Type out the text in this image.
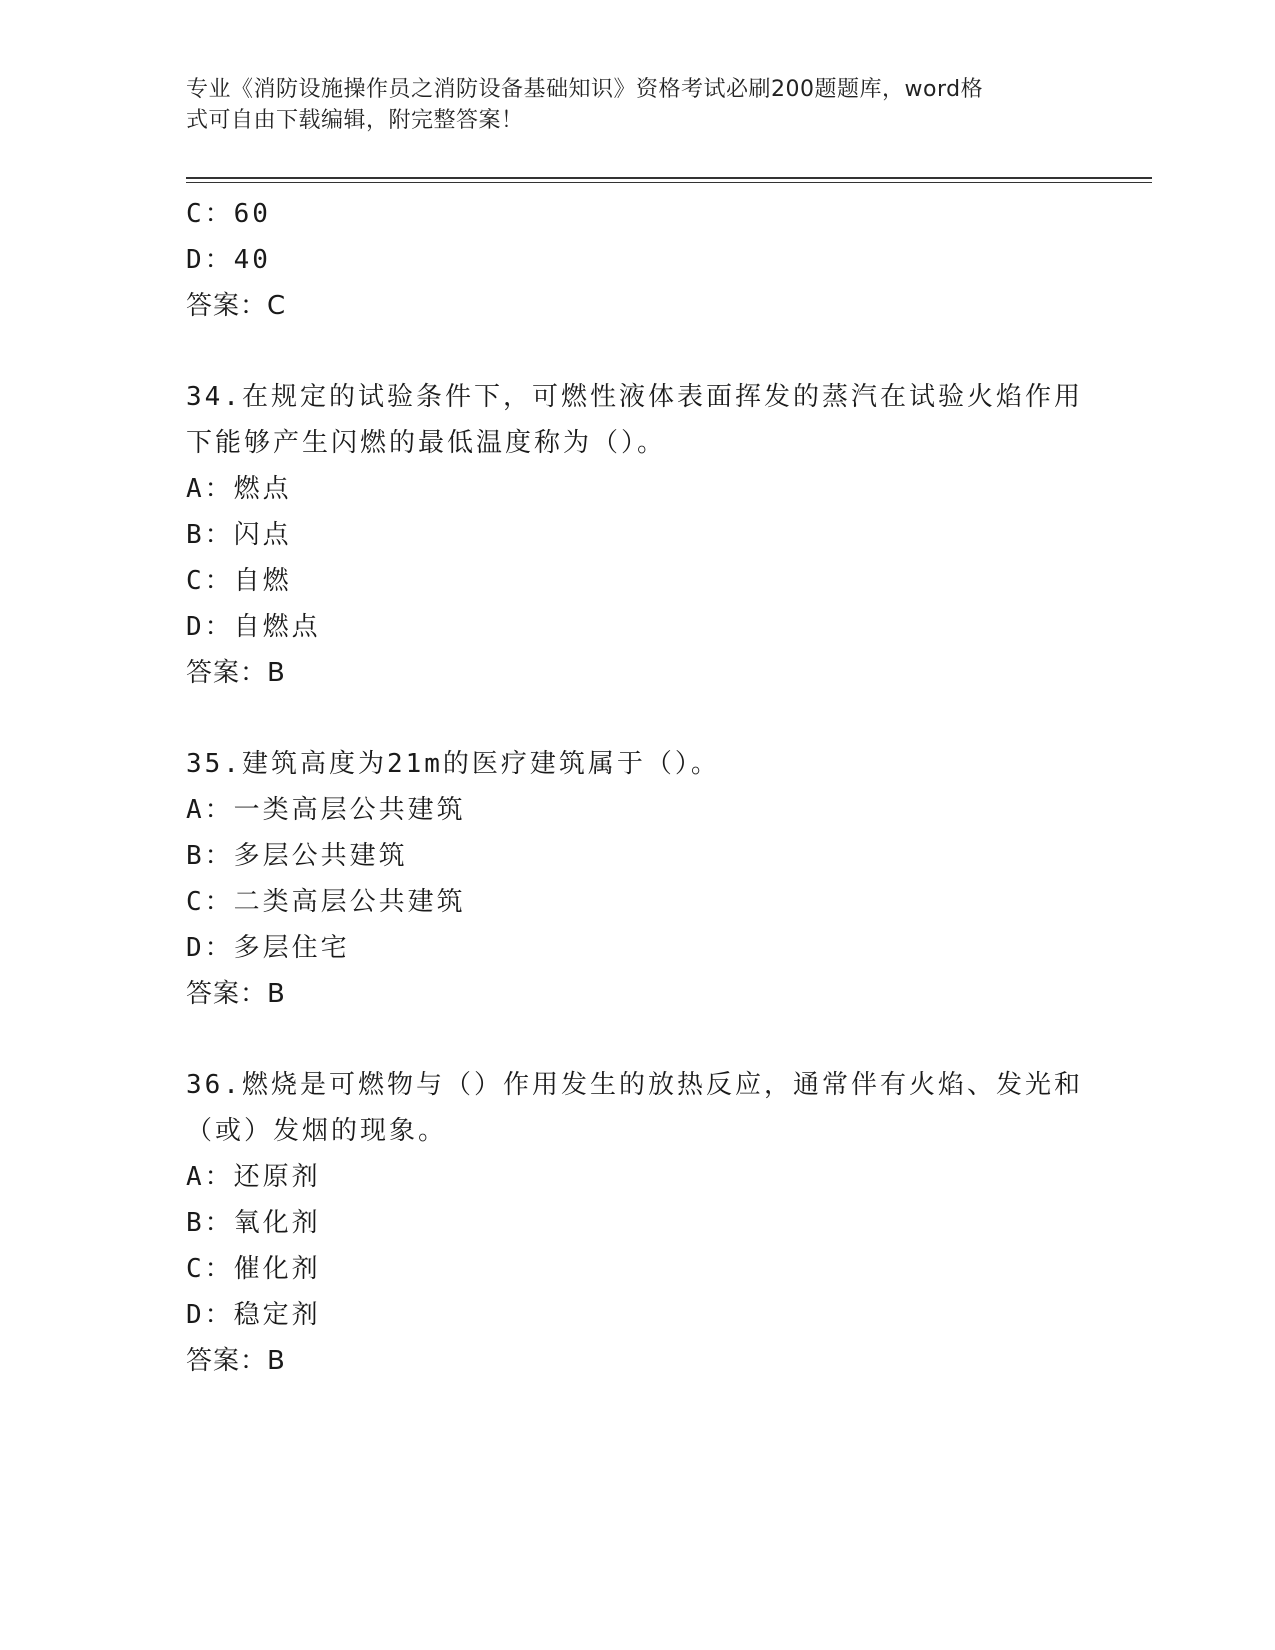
专业《消防设施操作员之消防设备基础知识》资格考试必刷200题题库，word格
式可自由下载编辑，附完整答案！
C：60
D：40
答案：C
34.在规定的试验条件下，可燃性液体表面挥发的蒸汽在试验火焰作用
下能够产生闪燃的最低温度称为（）。
A：燃点
B：闪点
C：自燃
D：自燃点
答案：B
35.建筑高度为21m的医疗建筑属于（）。
A：一类高层公共建筑
B：多层公共建筑
C：二类高层公共建筑
D：多层住宅
答案：B
36.燃烧是可燃物与（）作用发生的放热反应，通常伴有火焰、发光和
（或）发烟的现象。
A：还原剂
B：氧化剂
C：催化剂
D：稳定剂
答案：B
